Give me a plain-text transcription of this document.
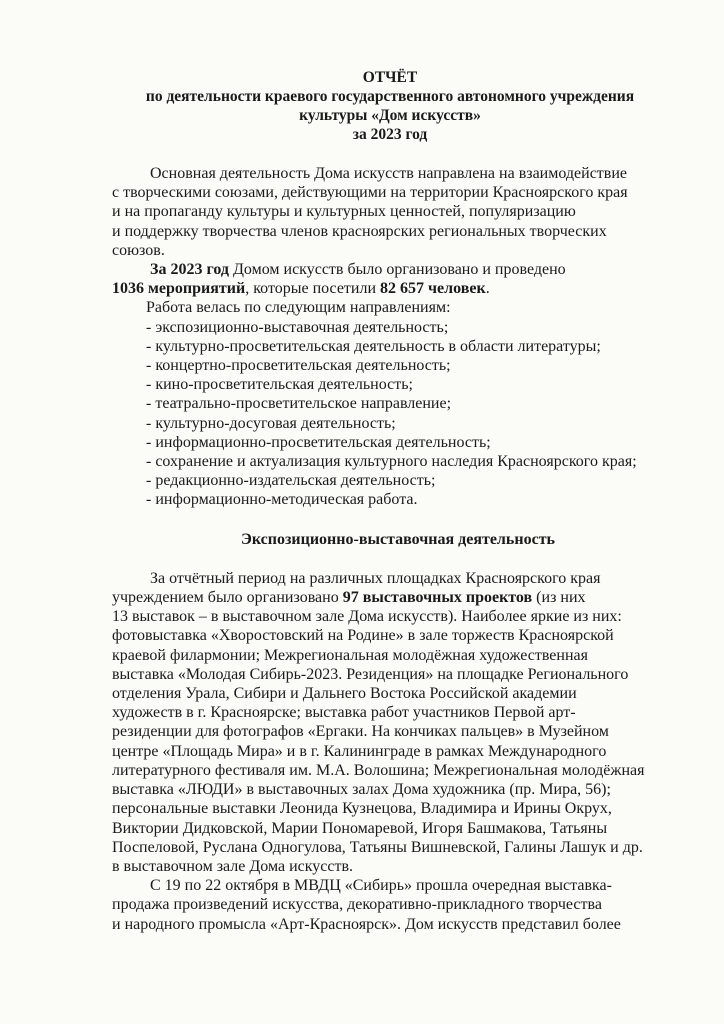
ОТЧЁТ
по деятельности краевого государственного автономного учреждения
культуры «Дом искусств»
за 2023 год
Основная деятельность Дома искусств направлена на взаимодействие
с творческими союзами, действующими на территории Красноярского края
и на пропаганду культуры и культурных ценностей, популяризацию
и поддержку творчества членов красноярских региональных творческих
союзов.
За 2023 год Домом искусств было организовано и проведено
1036 мероприятий, которые посетили 82 657 человек.
Работа велась по следующим направлениям:
- экспозиционно-выставочная деятельность;
- культурно-просветительская деятельность в области литературы;
- концертно-просветительская деятельность;
- кино-просветительская деятельность;
- театрально-просветительское направление;
- культурно-досуговая деятельность;
- информационно-просветительская деятельность;
- сохранение и актуализация культурного наследия Красноярского края;
- редакционно-издательская деятельность;
- информационно-методическая работа.
Экспозиционно-выставочная деятельность
За отчётный период на различных площадках Красноярского края
учреждением было организовано 97 выставочных проектов (из них
13 выставок – в выставочном зале Дома искусств). Наиболее яркие из них:
фотовыставка «Хворостовский на Родине» в зале торжеств Красноярской
краевой филармонии; Межрегиональная молодёжная художественная
выставка «Молодая Сибирь-2023. Резиденция» на площадке Регионального
отделения Урала, Сибири и Дальнего Востока Российской академии
художеств в г. Красноярске; выставка работ участников Первой арт-
резиденции для фотографов «Ергаки. На кончиках пальцев» в Музейном
центре «Площадь Мира» и в г. Калининграде в рамках Международного
литературного фестиваля им. М.А. Волошина; Межрегиональная молодёжная
выставка «ЛЮДИ» в выставочных залах Дома художника (пр. Мира, 56);
персональные выставки Леонида Кузнецова, Владимира и Ирины Окрух,
Виктории Дидковской, Марии Пономаревой, Игоря Башмакова, Татьяны
Поспеловой, Руслана Одногулова, Татьяны Вишневской, Галины Лашук и др.
в выставочном зале Дома искусств.
С 19 по 22 октября в МВДЦ «Сибирь» прошла очередная выставка-
продажа произведений искусства, декоративно-прикладного творчества
и народного промысла «Арт-Красноярск». Дом искусств представил более
